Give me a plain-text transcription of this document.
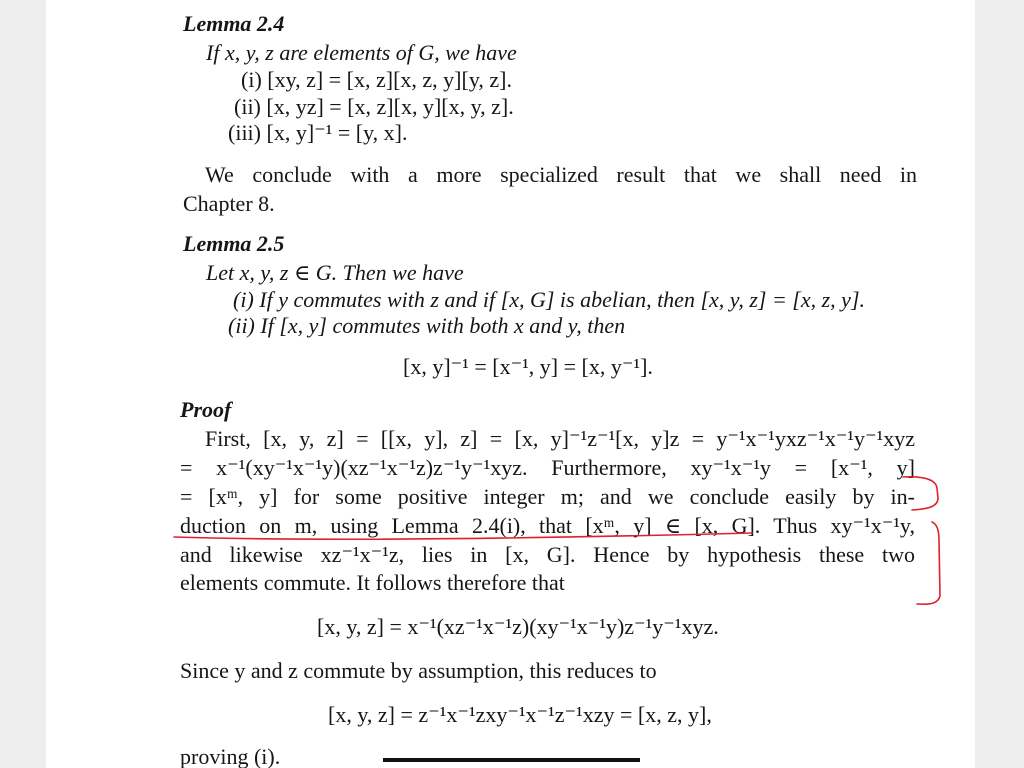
Lemma 2.4
If x, y, z are elements of G, we have
(i) [xy, z] = [x, z][x, z, y][y, z].
(ii) [x, yz] = [x, z][x, y][x, y, z].
(iii) [x, y]⁻¹ = [y, x].
We conclude with a more specialized result that we shall need in
Chapter 8.
Lemma 2.5
Let x, y, z ∈ G. Then we have
(i) If y commutes with z and if [x, G] is abelian, then [x, y, z] = [x, z, y].
(ii) If [x, y] commutes with both x and y, then
[x, y]⁻¹ = [x⁻¹, y] = [x, y⁻¹].
Proof
First, [x, y, z] = [[x, y], z] = [x, y]⁻¹z⁻¹[x, y]z = y⁻¹x⁻¹yxz⁻¹x⁻¹y⁻¹xyz
= x⁻¹(xy⁻¹x⁻¹y)(xz⁻¹x⁻¹z)z⁻¹y⁻¹xyz. Furthermore, xy⁻¹x⁻¹y = [x⁻¹, y]
= [xᵐ, y] for some positive integer m; and we conclude easily by in-
duction on m, using Lemma 2.4(i), that [xᵐ, y] ∈ [x, G]. Thus xy⁻¹x⁻¹y,
and likewise xz⁻¹x⁻¹z, lies in [x, G]. Hence by hypothesis these two
elements commute. It follows therefore that
[x, y, z] = x⁻¹(xz⁻¹x⁻¹z)(xy⁻¹x⁻¹y)z⁻¹y⁻¹xyz.
Since y and z commute by assumption, this reduces to
[x, y, z] = z⁻¹x⁻¹zxy⁻¹x⁻¹z⁻¹xzy = [x, z, y],
proving (i).
